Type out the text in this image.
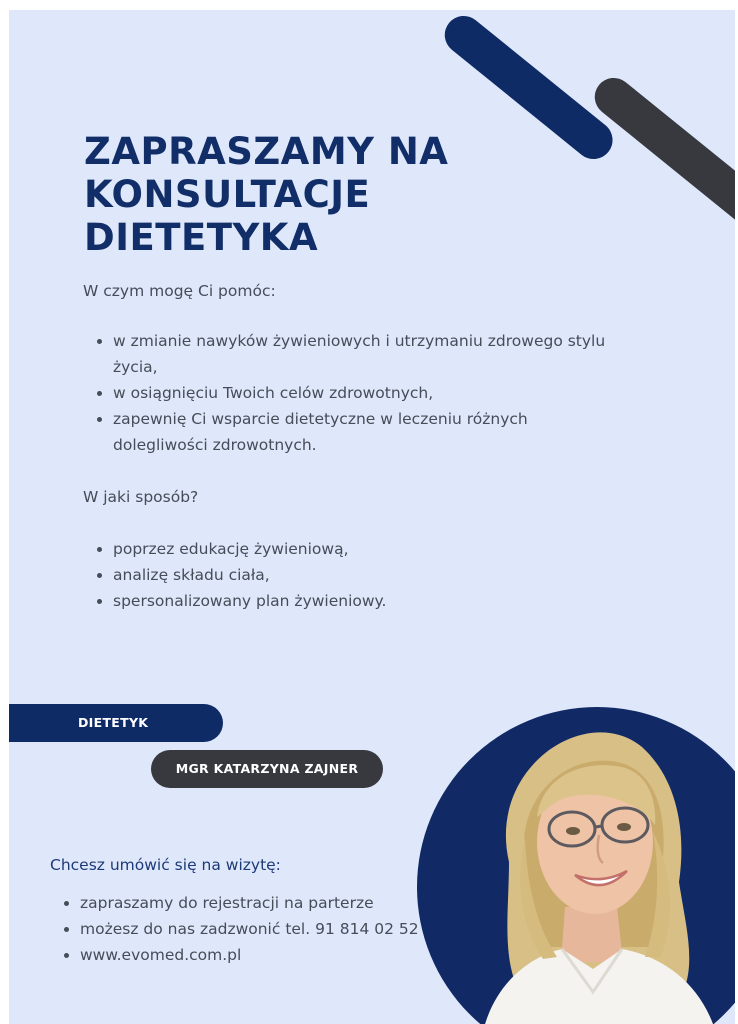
ZAPRASZAMY NA
KONSULTACJE
DIETETYKA

W czym mogę Ci pomóc:

w zmianie nawyków żywieniowych i utrzymaniu zdrowego stylu życia,
w osiągnięciu Twoich celów zdrowotnych,
zapewnię Ci wsparcie dietetyczne w leczeniu różnych dolegliwości zdrowotnych.

W jaki sposób?

poprzez edukację żywieniową,
analizę składu ciała,
spersonalizowany plan żywieniowy.
DIETETYK
MGR KATARZYNA ZAJNER

Chcesz umówić się na wizytę:

zapraszamy do rejestracji na parterze
możesz do nas zadzwonić tel. 91 814 02 52
www.evomed.com.pl
